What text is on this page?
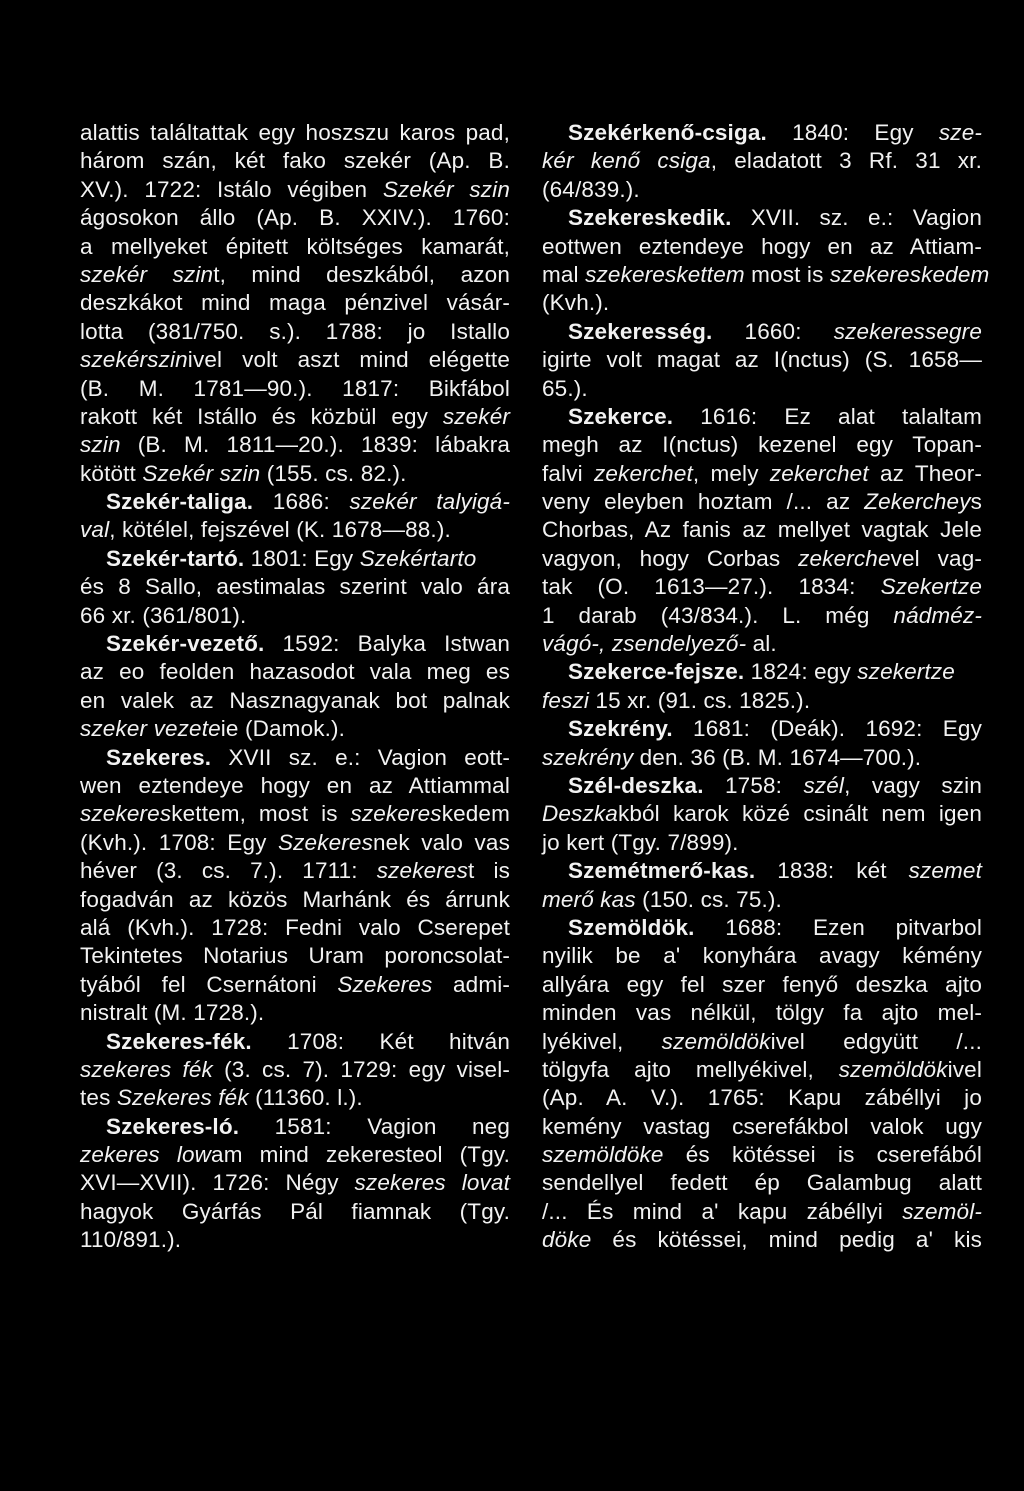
alattis találtattak egy hoszszu karos pad,
három szán, két fako szekér (Ap. B.
XV.). 1722: Istálo végiben Szekér szin
ágosokon állo (Ap. B. XXIV.). 1760:
a mellyeket épitett költséges kamarát,
szekér szint, mind deszkából, azon
deszkákot mind maga pénzivel vásár-
lotta (381/750. s.). 1788: jo Istallo
szekérszinivel volt aszt mind elégette
(B. M. 1781—90.). 1817: Bikfábol
rakott két Istállo és közbül egy szekér
szin (B. M. 1811—20.). 1839: lábakra
kötött Szekér szin (155. cs. 82.).
Szekér-taliga. 1686: szekér talyigá-
val, kötélel, fejszével (K. 1678—88.).
Szekér-tartó. 1801: Egy Szekértarto
és 8 Sallo, aestimalas szerint valo ára
66 xr. (361/801).
Szekér-vezető. 1592: Balyka Istwan
az eo feolden hazasodot vala meg es
en valek az Nasznagyanak bot palnak
szeker vezeteie (Damok.).
Szekeres. XVII sz. e.: Vagion eott-
wen eztendeye hogy en az Attiammal
szekereskettem, most is szekereskedem
(Kvh.). 1708: Egy Szekeresnek valo vas
héver (3. cs. 7.). 1711: szekerest is
fogadván az közös Marhánk és árrunk
alá (Kvh.). 1728: Fedni valo Cserepet
Tekintetes Notarius Uram poroncsolat-
tyából fel Csernátoni Szekeres admi-
nistralt (M. 1728.).
Szekeres-fék. 1708: Két hitván
szekeres fék (3. cs. 7). 1729: egy visel-
tes Szekeres fék (11360. l.).
Szekeres-ló. 1581: Vagion neg
zekeres lowam mind zekeresteol (Tgy.
XVI—XVII). 1726: Négy szekeres lovat
hagyok Gyárfás Pál fiamnak (Tgy.
110/891.).
Szekérkenő-csiga. 1840: Egy sze-
kér kenő csiga, eladatott 3 Rf. 31 xr.
(64/839.).
Szekereskedik. XVII. sz. e.: Vagion
eottwen eztendeye hogy en az Attiam-
mal szekereskettem most is szekereskedem
(Kvh.).
Szekeresség. 1660: szekeressegre
igirte volt magat az I(nctus) (S. 1658—
65.).
Szekerce. 1616: Ez alat talaltam
megh az I(nctus) kezenel egy Topan-
falvi zekerchet, mely zekerchet az Theor-
veny eleyben hoztam /... az Zekercheys
Chorbas, Az fanis az mellyet vagtak Jele
vagyon, hogy Corbas zekerchevel vag-
tak (O. 1613—27.). 1834: Szekertze
1 darab (43/834.). L. még nádméz-
vágó-, zsendelyező- al.
Szekerce-fejsze. 1824: egy szekertze
feszi 15 xr. (91. cs. 1825.).
Szekrény. 1681: (Deák). 1692: Egy
szekrény den. 36 (B. M. 1674—700.).
Szél-deszka. 1758: szél, vagy szin
Deszkakból karok közé csinált nem igen
jo kert (Tgy. 7/899).
Szemétmerő-kas. 1838: két szemet
merő kas (150. cs. 75.).
Szemöldök. 1688: Ezen pitvarbol
nyilik be a' konyhára avagy kémény
allyára egy fel szer fenyő deszka ajto
minden vas nélkül, tölgy fa ajto mel-
lyékivel, szemöldökivel edgyütt /...
tölgyfa ajto mellyékivel, szemöldökivel
(Ap. A. V.). 1765: Kapu zábéllyi jo
kemény vastag cserefákbol valok ugy
szemöldöke és kötéssei is cserefából
sendellyel fedett ép Galambug alatt
/... És mind a' kapu zábéllyi szemöl-
döke és kötéssei, mind pedig a' kis
